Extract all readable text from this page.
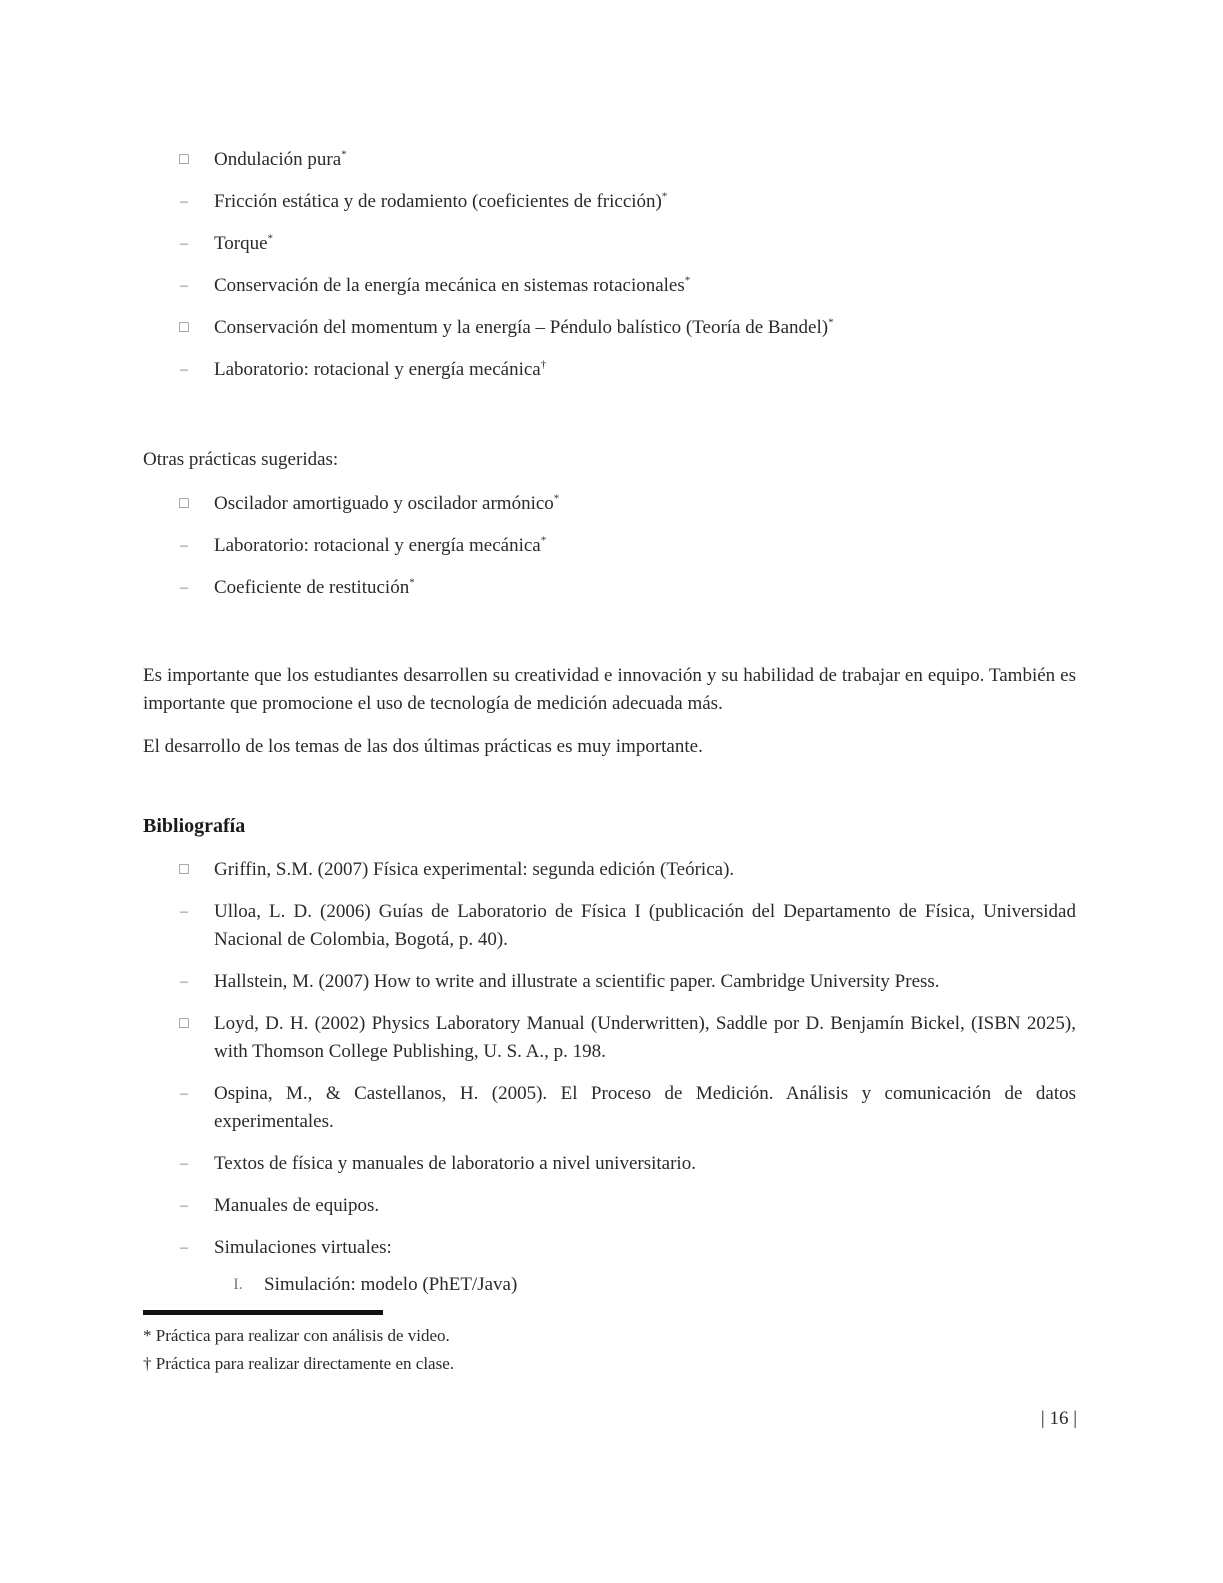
□ Ondulación pura*
– Fricción estática y de rodamiento (coeficientes de fricción)*
– Torque*
– Conservación de la energía mecánica en sistemas rotacionales*
□ Conservación del momentum y la energía – Péndulo balístico (Teoría de Bandel)*
– Laboratorio: rotacional y energía mecánica†

Otras prácticas sugeridas:

□ Oscilador amortiguado y oscilador armónico*
– Laboratorio: rotacional y energía mecánica*
– Coeficiente de restitución*

Es importante que los estudiantes desarrollen su creatividad e innovación y su habilidad de trabajar en equipo. También es importante que promocione el uso de tecnología de medición adecuada más.

El desarrollo de los temas de las dos últimas prácticas es muy importante.

Bibliografía
□ Griffin, S.M. (2007) Física experimental: segunda edición (Teórica).
– Ulloa, L. D. (2006) Guías de Laboratorio de Física I (publicación del Departamento de Física, Universidad Nacional de Colombia, Bogotá, p. 40).
– Hallstein, M. (2007) How to write and illustrate a scientific paper. Cambridge University Press.
□ Loyd, D. H. (2002) Physics Laboratory Manual (Underwritten), Saddle por D. Benjamín Bickel, (ISBN 2025), with Thomson College Publishing, U. S. A., p. 198.
– Ospina, M., & Castellanos, H. (2005). El Proceso de Medición. Análisis y comunicación de datos experimentales.
– Textos de física y manuales de laboratorio a nivel universitario.
– Manuales de equipos.
– Simulaciones virtuales:
I. Simulación: modelo (PhET/Java)

* Práctica para realizar con análisis de video.

† Práctica para realizar directamente en clase.

| 16 |
